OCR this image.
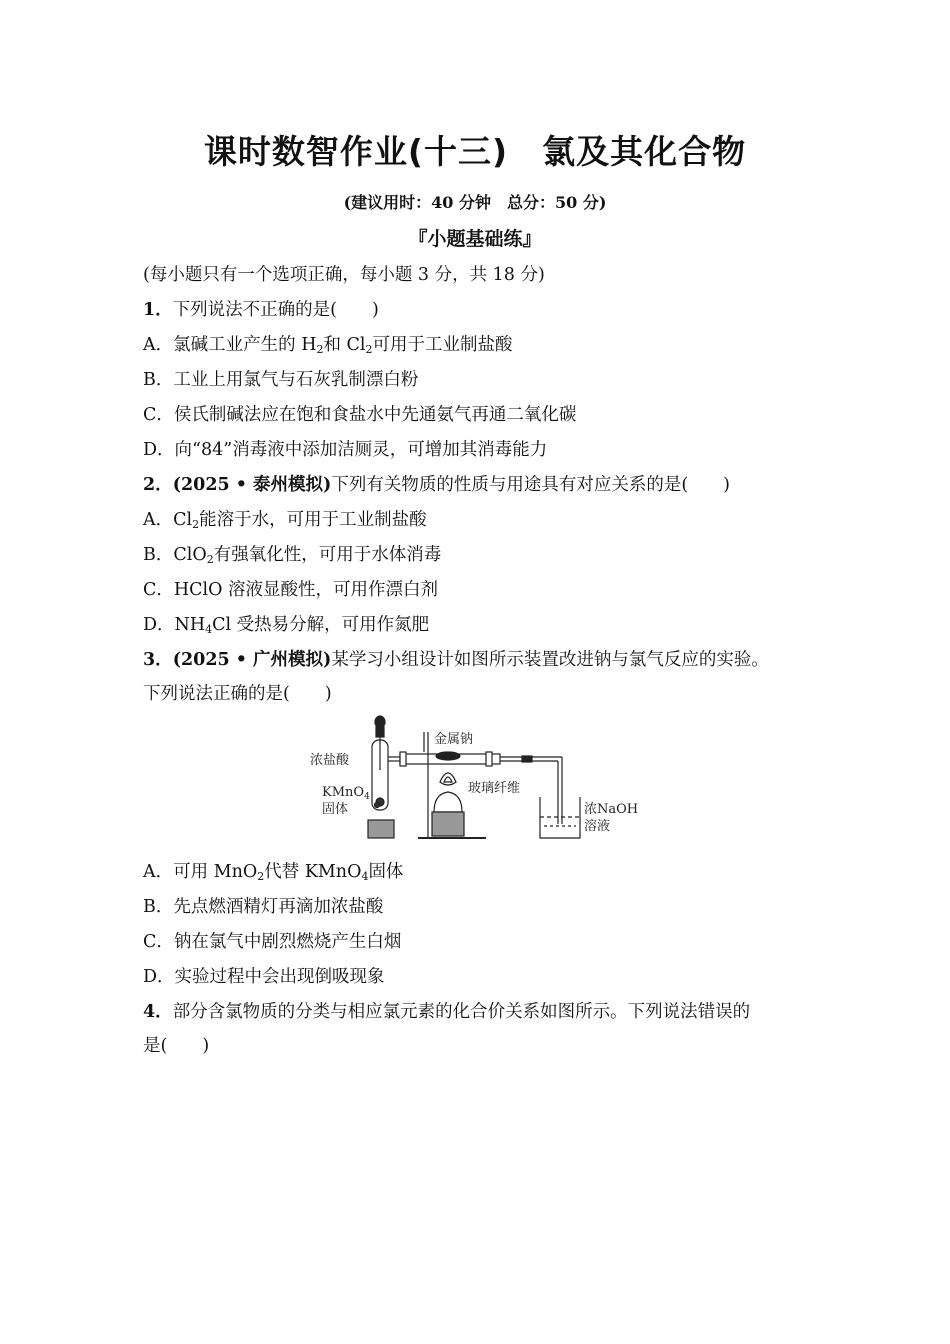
课时数智作业(十三)　氯及其化合物
(建议用时：40 分钟　总分：50 分)
『小题基础练』
(每小题只有一个选项正确，每小题 3 分，共 18 分)
1．下列说法不正确的是(　　)
A．氯碱工业产生的 $H_2$和 $Cl_2$可用于工业制盐酸
B．工业上用氯气与石灰乳制漂白粉
C．侯氏制碱法应在饱和食盐水中先通氨气再通二氧化碳
D．向“84”消毒液中添加洁厕灵，可增加其消毒能力
2．(2025 • 泰州模拟)下列有关物质的性质与用途具有对应关系的是(　　)
A．$Cl_2$能溶于水，可用于工业制盐酸
B．ClO$_2$有强氧化性，可用于水体消毒
C．HClO 溶液显酸性，可用作漂白剂
D．$NH_4Cl$ 受热易分解，可用作氮肥
3．(2025 • 广州模拟)某学习小组设计如图所示装置改进钠与氯气反应的实验。
下列说法正确的是(　　)
浓盐酸
KMnO$_4$
固体
金属钠
玻璃纤维
浓NaOH
溶液
A．可用 MnO$_2$代替 KMnO$_4$固体
B．先点燃酒精灯再滴加浓盐酸
C．钠在氯气中剧烈燃烧产生白烟
D．实验过程中会出现倒吸现象
4．部分含氯物质的分类与相应氯元素的化合价关系如图所示。下列说法错误的
是(　　)
